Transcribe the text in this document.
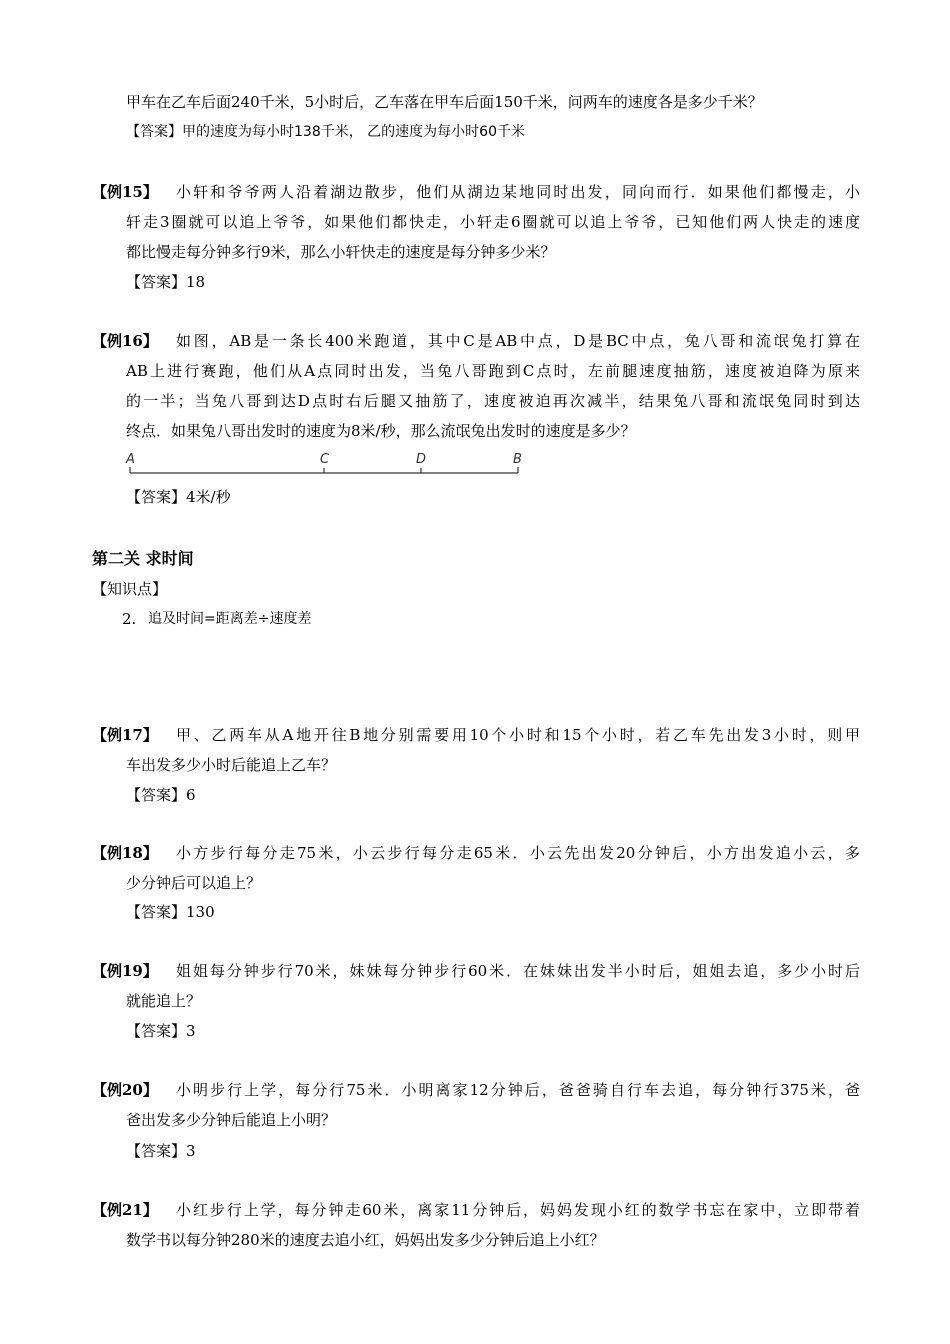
甲车在乙车后面240千米，5小时后，乙车落在甲车后面150千米，问两车的速度各是多少千米？
【答案】甲的速度为每小时138千米， 乙的速度为每小时60千米
【例15】 小轩和爷爷两人沿着湖边散步，他们从湖边某地同时出发，同向而行．如果他们都慢走，小
轩走3圈就可以追上爷爷，如果他们都快走，小轩走6圈就可以追上爷爷，已知他们两人快走的速度
都比慢走每分钟多行9米，那么小轩快走的速度是每分钟多少米？
【答案】18
【例16】 如图，AB是一条长400米跑道，其中C是AB中点，D是BC中点，兔八哥和流氓兔打算在
AB上进行赛跑，他们从A点同时出发，当兔八哥跑到C点时，左前腿速度抽筋，速度被迫降为原来
的一半；当兔八哥到达D点时右后腿又抽筋了，速度被迫再次减半，结果兔八哥和流氓兔同时到达
终点．如果兔八哥出发时的速度为8米/秒，那么流氓兔出发时的速度是多少？
A	C	D	B
【答案】4米/秒
第二关 求时间
【知识点】
2. 追及时间=距离差÷速度差
【例17】 甲、乙两车从A地开往B地分别需要用10个小时和15个小时，若乙车先出发3小时，则甲
车出发多少小时后能追上乙车？
【答案】6
【例18】 小方步行每分走75米，小云步行每分走65米．小云先出发20分钟后，小方出发追小云，多
少分钟后可以追上？
【答案】130
【例19】 姐姐每分钟步行70米，妹妹每分钟步行60米．在妹妹出发半小时后，姐姐去追，多少小时后
就能追上？
【答案】3
【例20】 小明步行上学，每分行75米．小明离家12分钟后，爸爸骑自行车去追，每分钟行375米，爸
爸出发多少分钟后能追上小明？
【答案】3
【例21】 小红步行上学，每分钟走60米，离家11分钟后，妈妈发现小红的数学书忘在家中，立即带着
数学书以每分钟280米的速度去追小红，妈妈出发多少分钟后追上小红？
